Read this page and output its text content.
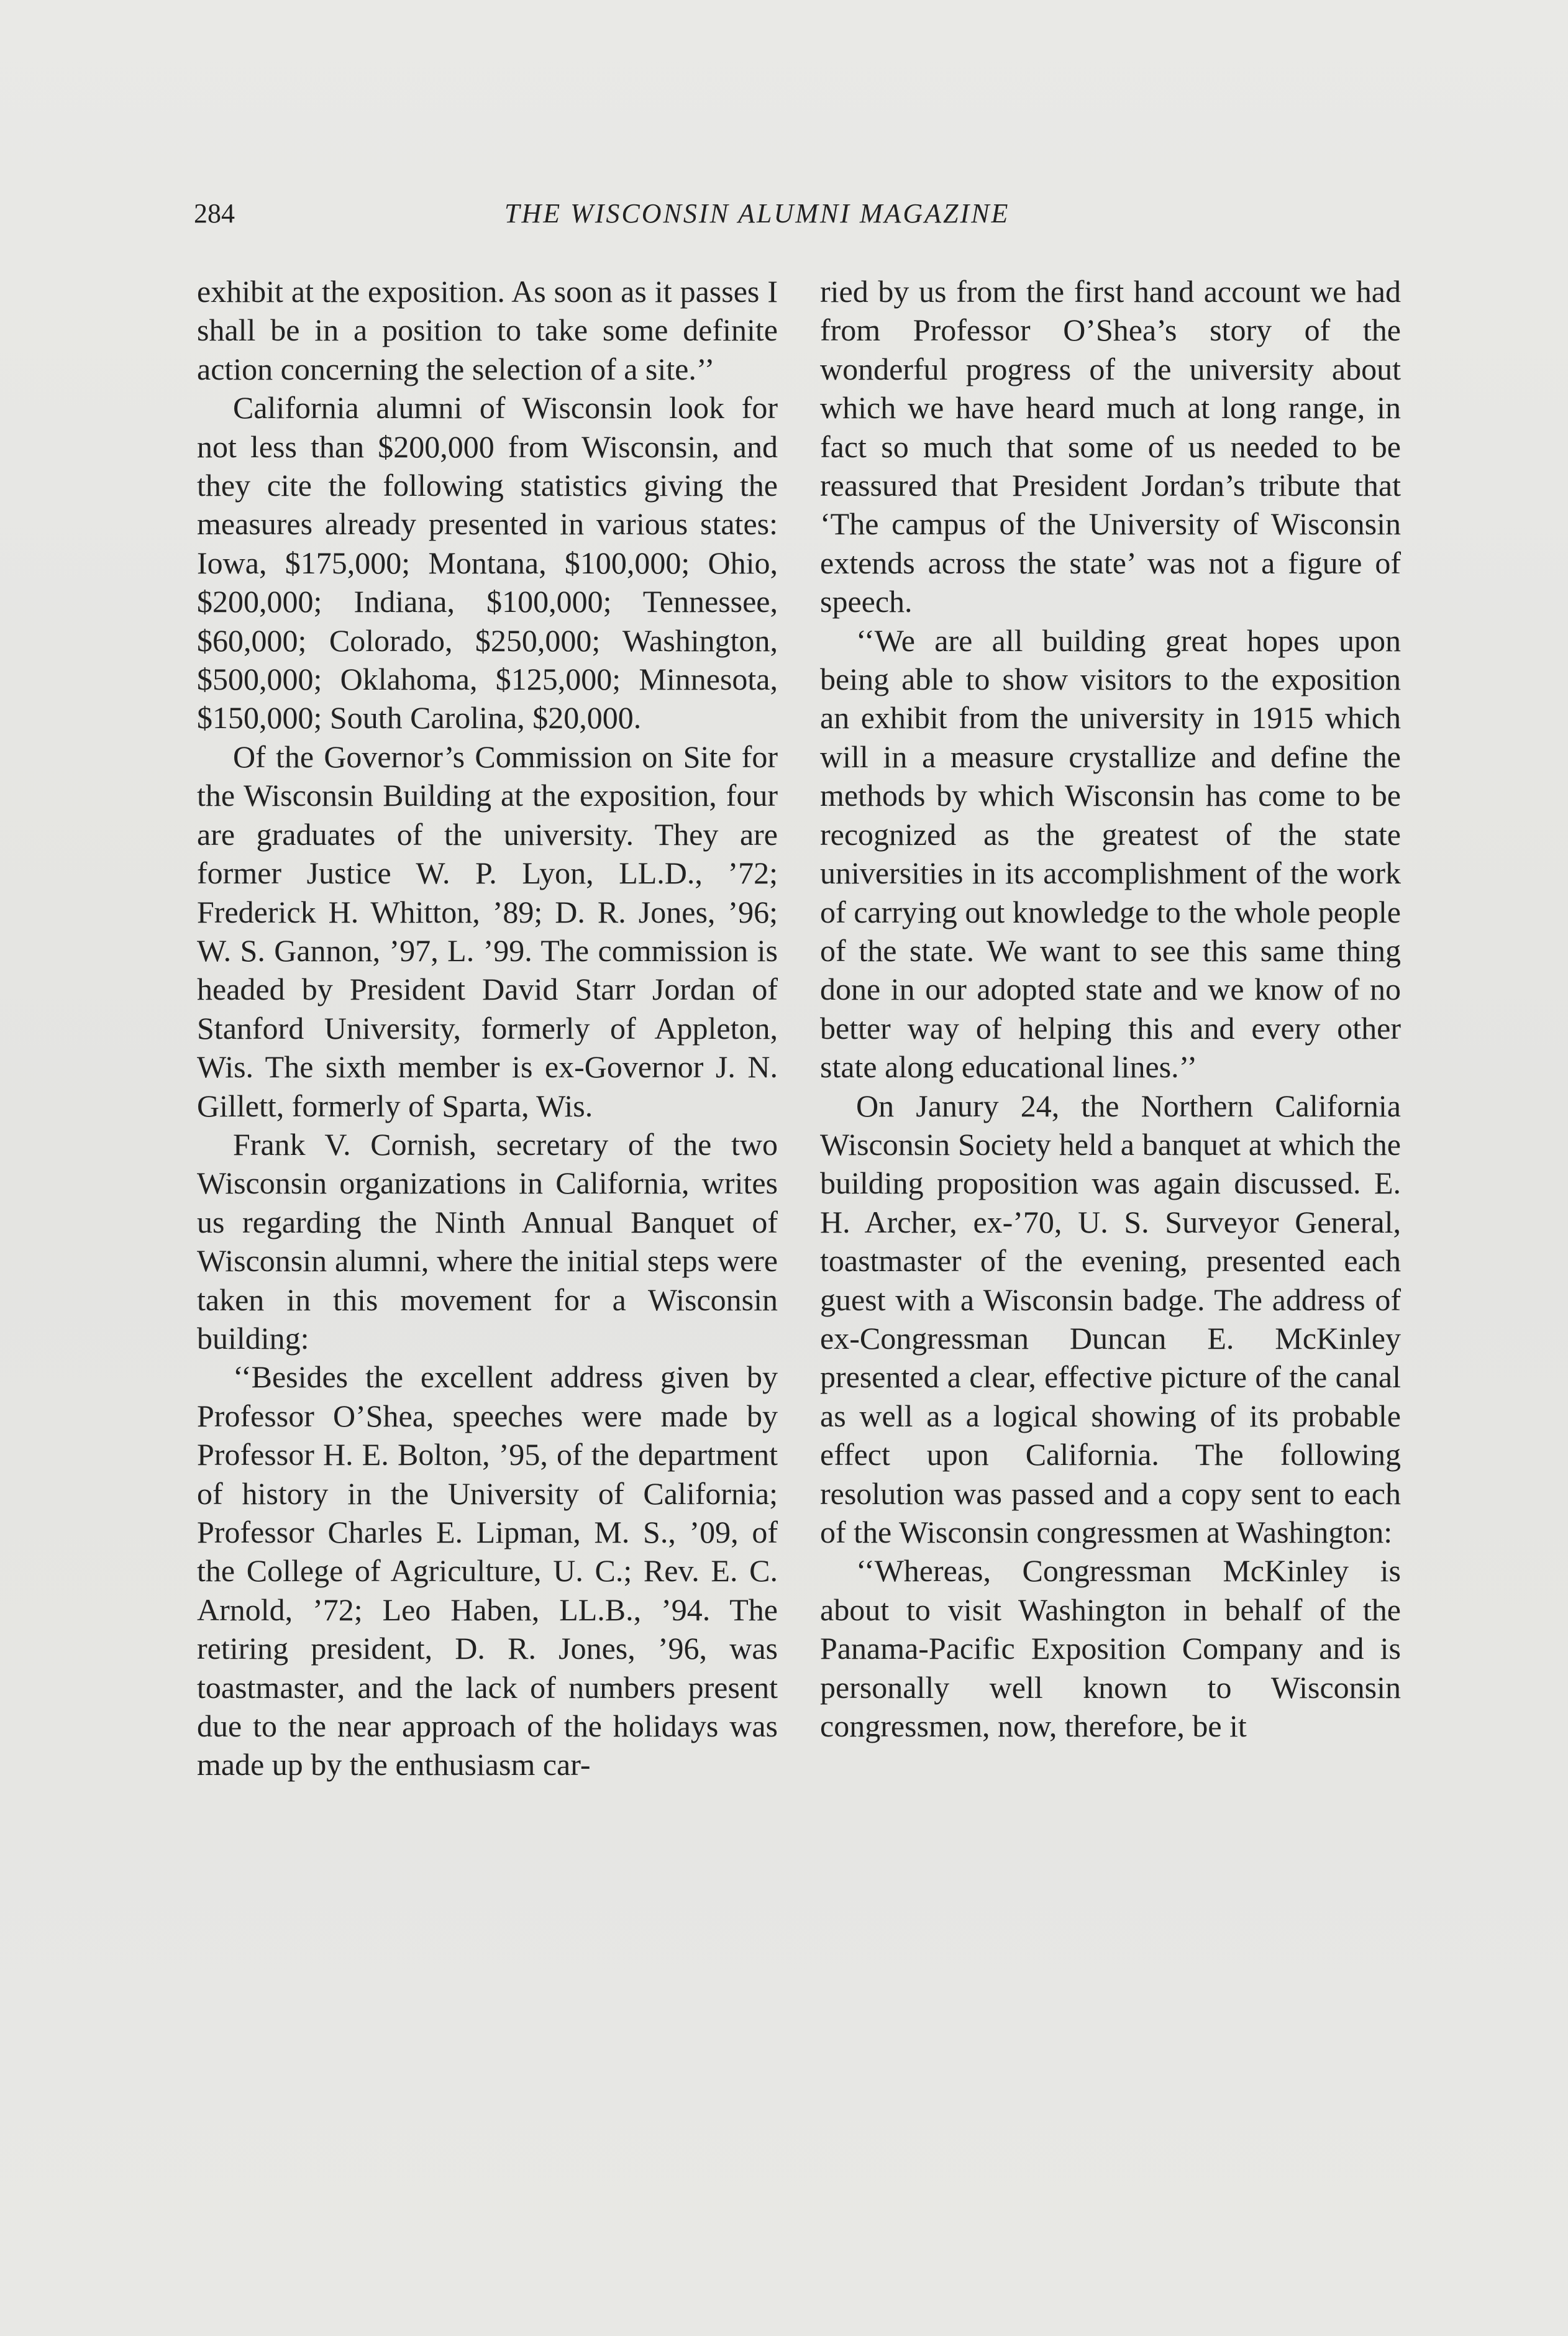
284	THE WISCONSIN ALUMNI MAGAZINE

exhibit at the exposition. As soon as it passes I shall be in a position to take some definite action concerning the selection of a site.’’

California alumni of Wisconsin look for not less than $200,000 from Wisconsin, and they cite the following statistics giving the measures already presented in various states: Iowa, $175,000; Montana, $100,000; Ohio, $200,000; Indiana, $100,000; Tennessee, $60,000; Colorado, $250,000; Washington, $500,000; Oklahoma, $125,000; Minnesota, $150,000; South Carolina, $20,000.

Of the Governor’s Commission on Site for the Wisconsin Building at the exposition, four are graduates of the university. They are former Justice W. P. Lyon, LL.D., ’72; Frederick H. Whitton, ’89; D. R. Jones, ’96; W. S. Gannon, ’97, L. ’99. The commission is headed by President David Starr Jordan of Stanford University, formerly of Appleton, Wis. The sixth member is ex-Governor J. N. Gillett, formerly of Sparta, Wis.

Frank V. Cornish, secretary of the two Wisconsin organizations in California, writes us regarding the Ninth Annual Banquet of Wisconsin alumni, where the initial steps were taken in this movement for a Wisconsin building:

‘‘Besides the excellent address given by Professor O’Shea, speeches were made by Professor H. E. Bolton, ’95, of the department of history in the University of California; Professor Charles E. Lipman, M. S., ’09, of the College of Agriculture, U. C.; Rev. E. C. Arnold, ’72; Leo Haben, LL.B., ’94. The retiring president, D. R. Jones, ’96, was toastmaster, and the lack of numbers present due to the near approach of the holidays was made up by the enthusiasm car-

ried by us from the first hand account we had from Professor O’Shea’s story of the wonderful progress of the university about which we have heard much at long range, in fact so much that some of us needed to be reassured that President Jordan’s tribute that ‘The campus of the University of Wisconsin extends across the state’ was not a figure of speech.

‘‘We are all building great hopes upon being able to show visitors to the exposition an exhibit from the university in 1915 which will in a measure crystallize and define the methods by which Wisconsin has come to be recognized as the greatest of the state universities in its accomplishment of the work of carrying out knowledge to the whole people of the state. We want to see this same thing done in our adopted state and we know of no better way of helping this and every other state along educational lines.’’

On Janury 24, the Northern California Wisconsin Society held a banquet at which the building proposition was again discussed. E. H. Archer, ex-’70, U. S. Surveyor General, toastmaster of the evening, presented each guest with a Wisconsin badge. The address of ex-Congressman Duncan E. McKinley presented a clear, effective picture of the canal as well as a logical showing of its probable effect upon California. The following resolution was passed and a copy sent to each of the Wisconsin congressmen at Washington:

‘‘Whereas, Congressman McKinley is about to visit Washington in behalf of the Panama-Pacific Exposition Company and is personally well known to Wisconsin congressmen, now, therefore, be it
